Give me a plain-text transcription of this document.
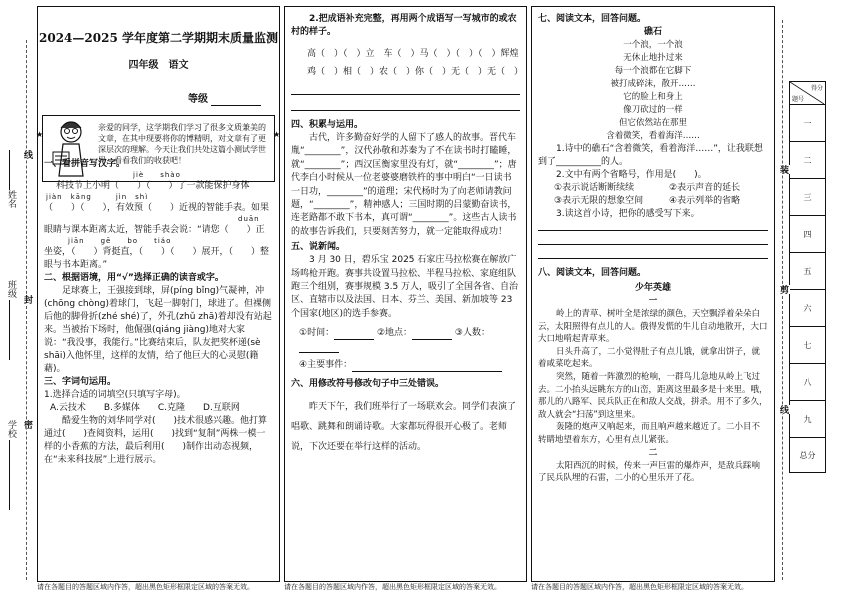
学校
班级
姓名
密
封
线
2024—2025 学年度第二学期期末质量监测
四年级　语文
等级
一、看拼音写汉字。
jiè　　shào
科技节上小明（　　）（　　）了一款能保护身体
jiàn　kāng　　　jìn　shì
（　　）（　　），有效预（　　）近视的智能手表。如果
duān
眼睛与课本距离太近，智能手表会说：“请您（　　）正
jiān　　gē　　bo　　tiáo
坐姿，（　　）背挺直，（　　）（　　）展开，（　　）整
眼与书本距离。”
二、根据语境，用“√”选择正确的读音或字。
足球赛上，王强接到球，屏(píng bǐng)气凝神，冲(chōng chòng)着球门，飞起一脚射门，球进了。但裸侧后他的脚骨折(zhé shé)了，外孔(zhǔ zhā)着却没有站起来。当被抬下场时，他倔强(qiáng jiàng)地对大家说：“我没事，我能行。”比赛结束后，队友把奖杯递(sè shāi)入他怀里，这样的友情，给了他巨大的心灵慰(籍　藉)。
三、字词句运用。
1.选择合适的词填空(只填写字母)。
A.云技术　　B.多媒体　　C.克隆　　D.互联网
酷爱生物的刘华同学对(　　)技术很感兴趣。他打算通过(　　)查阅资料，运用(　　)找到“复制”两株一模一样的小香蕉的方法，最后利用(　　)制作出动态视频，在“未来科技展”上进行展示。
亲爱的同学，这学期我们学习了很多文质兼美的文章，在其中现要将你的博精明，对文章有了更深层次的理解。今天让我们共处这篇小测试学世界，看看我们的收获吧！
★	★
2.把成语补充完整，再用两个成语写一写城市的或农村的样子。
高（　）（　）立　车（　）马（　）（　）（　）辉煌
鸡（　）相（　）农（　）你（　）无（　）无（　）
四、积累与运用。
古代，许多勤奋好学的人留下了感人的故事。晋代车胤“________”，汉代孙敬和苏秦为了不在读书时打瞌睡，就“________”；西汉匡衡家里没有灯，就“________”；唐代李白小时候从一位老婆婆磨铁杵的事中明白“一日读书一日功，________”的道理；宋代杨时为了向老师请教问题，“________”，精神感人；三国时期的吕蒙勤奋读书，连老路都不敢下书本，真可谓“________”。这些古人读书的故事告诉我们，只要刻苦努力，就一定能取得成功！
五、说新闻。
3 月 30 日，碧乐宝 2025 石家庄马拉松赛在解放广场鸣枪开跑。赛事共设置马拉松、半程马拉松、家庭组队跑三个组别，赛事规模 3.5 万人，吸引了全国各省、自治区、直辖市以及法国、日本、芬兰、美国、新加坡等 23 个国家(地区)的选手参赛。
①时间：	②地点：	③人数：
④主要事件：
六、用修改符号修改句子中三处错误。
昨天下午，我们班举行了一场联欢会。同学们表演了唱歌、跳舞和朗诵诗歌。大家都玩得很开心极了。老师说，下次还要在举行这样的活动。
七、阅读文本，回答问题。
礁石
一个浪，一个浪
无休止地扑过来
每一个浪都在它脚下
被打成碎沫，散开……
它的脸上和身上
像刀砍过的一样
但它依然站在那里
含着微笑，看着海洋……
1.诗中的礁石“含着微笑，看着海洋……”，让我联想到了__________的人。
2.文中有两个省略号，作用是(　　)。
①表示说话断断续续	②表示声音的延长
③表示无限的想象空间	④表示列举的省略
3.读这首小诗，把你的感受写下来。
八、阅读文本，回答问题。
少年英雄
一
岭上的青草、树叶全是浓绿的颜色，天空飘浮着朵朵白云，太阳照得有点儿的人。俄得发慌的牛儿自动地散开，大口大口地啃起青草来。
日头升高了，二小觉得肚子有点儿饿，就拿出饼子，就着咸菜吃起来。
突然，随着一阵激烈的枪响，一群鸟儿急地从岭上飞过去。二小抬头远眺东方的山峦，距离这里最多是十来里。哦，那儿的八路军、民兵队正在和敌人交战，拼杀。用不了多久，敌人就会“扫荡”到这里来。
轰隆的炮声又响起来，而且响声越来越近了。二小目不转睛地望着东方，心里有点儿紧张。
二
太阳西沉的时候，传来一声巨雷的爆炸声，是敌兵踩响了民兵队埋的石雷，二小的心里乐开了花。
得分
题号
一
二
三
四
五
六
七
八
九
总分
装
剪
线
请在各题目的答题区域内作答，超出黑色矩形框限定区域的答案无效。	请在各题目的答题区域内作答，超出黑色矩形框限定区域的答案无效。	请在各题目的答题区域内作答，超出黑色矩形框限定区域的答案无效。
